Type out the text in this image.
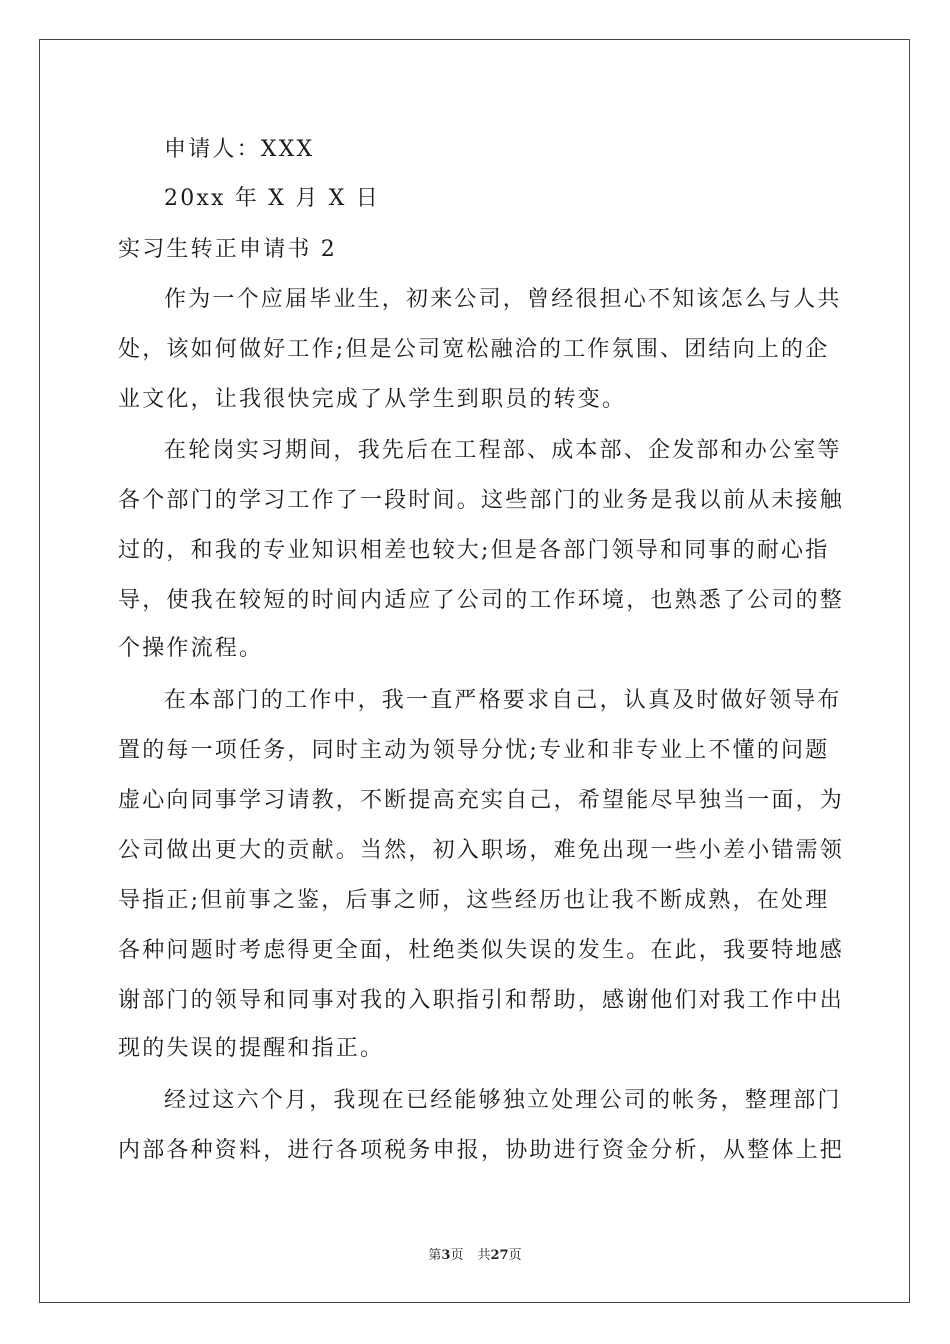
申请人：XXX
20xx 年 X 月 X 日
实习生转正申请书 2
作为一个应届毕业生，初来公司，曾经很担心不知该怎么与人共
处，该如何做好工作;但是公司宽松融洽的工作氛围、团结向上的企
业文化，让我很快完成了从学生到职员的转变。
在轮岗实习期间，我先后在工程部、成本部、企发部和办公室等
各个部门的学习工作了一段时间。这些部门的业务是我以前从未接触
过的，和我的专业知识相差也较大;但是各部门领导和同事的耐心指
导，使我在较短的时间内适应了公司的工作环境，也熟悉了公司的整
个操作流程。
在本部门的工作中，我一直严格要求自己，认真及时做好领导布
置的每一项任务，同时主动为领导分忧;专业和非专业上不懂的问题
虚心向同事学习请教，不断提高充实自己，希望能尽早独当一面，为
公司做出更大的贡献。当然，初入职场，难免出现一些小差小错需领
导指正;但前事之鉴，后事之师，这些经历也让我不断成熟，在处理
各种问题时考虑得更全面，杜绝类似失误的发生。在此，我要特地感
谢部门的领导和同事对我的入职指引和帮助，感谢他们对我工作中出
现的失误的提醒和指正。
经过这六个月，我现在已经能够独立处理公司的帐务，整理部门
内部各种资料，进行各项税务申报，协助进行资金分析，从整体上把
第3页 共27页
